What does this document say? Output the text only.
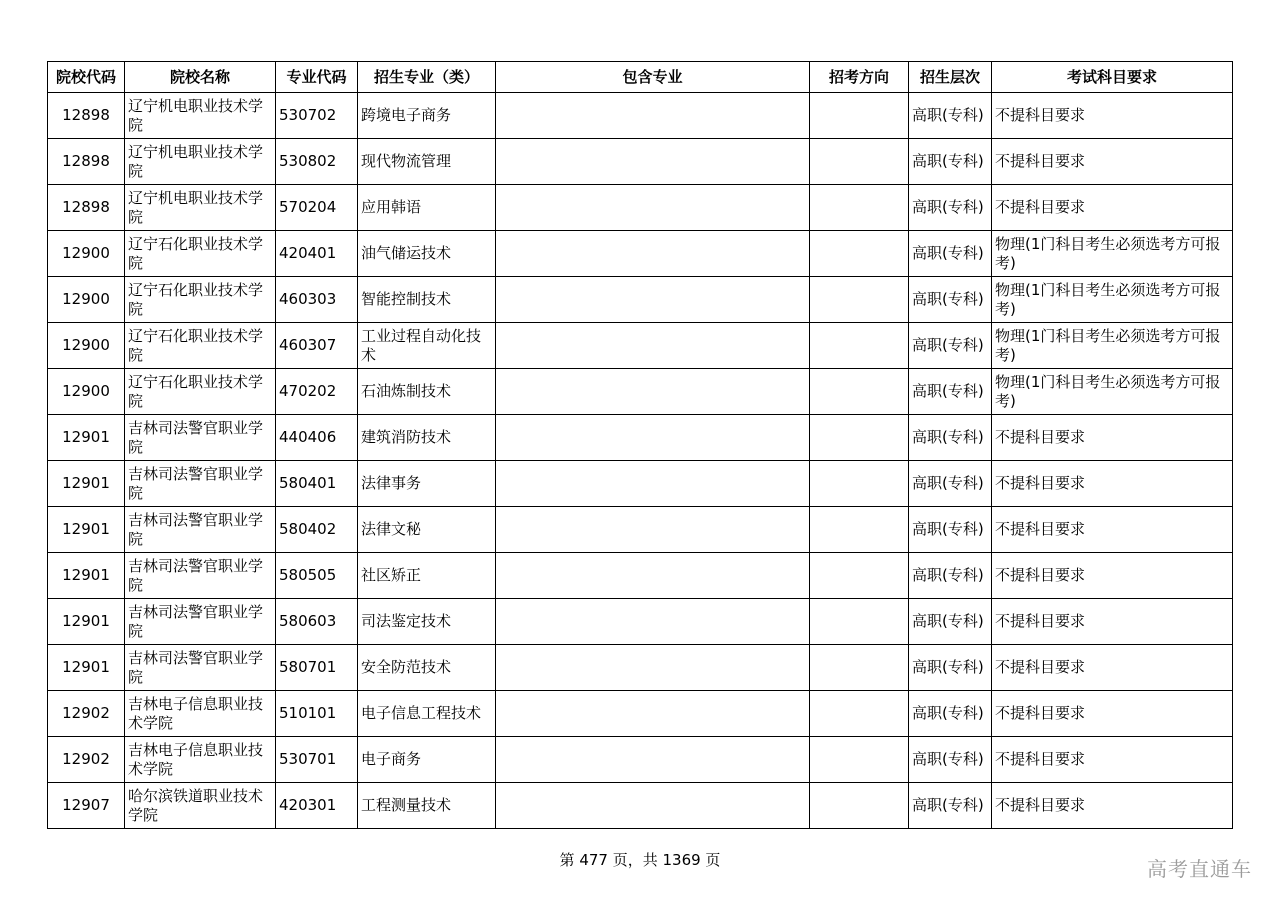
院校代码	院校名称	专业代码	招生专业（类）	包含专业	招考方向	招生层次	考试科目要求
12898	辽宁机电职业技术学院	530702	跨境电子商务			高职(专科)	不提科目要求
12898	辽宁机电职业技术学院	530802	现代物流管理			高职(专科)	不提科目要求
12898	辽宁机电职业技术学院	570204	应用韩语			高职(专科)	不提科目要求
12900	辽宁石化职业技术学院	420401	油气储运技术			高职(专科)	物理(1门科目考生必须选考方可报考)
12900	辽宁石化职业技术学院	460303	智能控制技术			高职(专科)	物理(1门科目考生必须选考方可报考)
12900	辽宁石化职业技术学院	460307	工业过程自动化技术			高职(专科)	物理(1门科目考生必须选考方可报考)
12900	辽宁石化职业技术学院	470202	石油炼制技术			高职(专科)	物理(1门科目考生必须选考方可报考)
12901	吉林司法警官职业学院	440406	建筑消防技术			高职(专科)	不提科目要求
12901	吉林司法警官职业学院	580401	法律事务			高职(专科)	不提科目要求
12901	吉林司法警官职业学院	580402	法律文秘			高职(专科)	不提科目要求
12901	吉林司法警官职业学院	580505	社区矫正			高职(专科)	不提科目要求
12901	吉林司法警官职业学院	580603	司法鉴定技术			高职(专科)	不提科目要求
12901	吉林司法警官职业学院	580701	安全防范技术			高职(专科)	不提科目要求
12902	吉林电子信息职业技术学院	510101	电子信息工程技术			高职(专科)	不提科目要求
12902	吉林电子信息职业技术学院	530701	电子商务			高职(专科)	不提科目要求
12907	哈尔滨铁道职业技术学院	420301	工程测量技术			高职(专科)	不提科目要求
第 477 页，共 1369 页	高考直通车
